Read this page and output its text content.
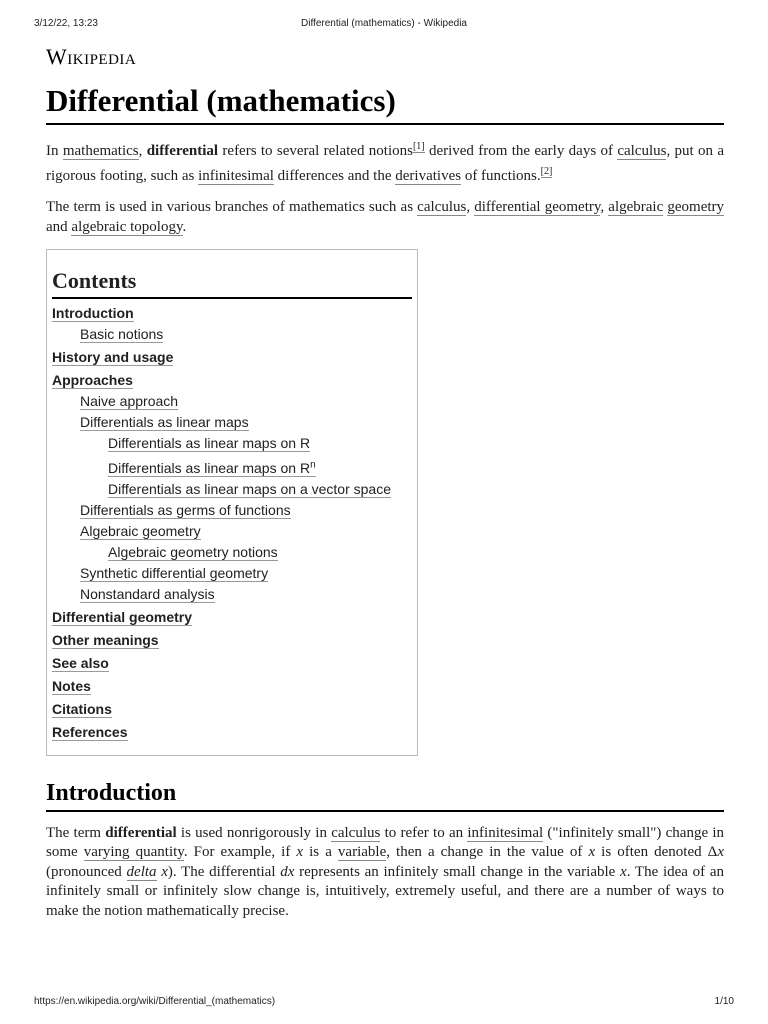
3/12/22, 13:23	Differential (mathematics) - Wikipedia
Wikipedia
Differential (mathematics)

In mathematics, differential refers to several related notions[1] derived from the early days of calculus, put on a rigorous footing, such as infinitesimal differences and the derivatives of functions.[2]

The term is used in various branches of mathematics such as calculus, differential geometry, algebraic geometry and algebraic topology.

Contents
Introduction
Basic notions
History and usage
Approaches
Naive approach
Differentials as linear maps
Differentials as linear maps on R
Differentials as linear maps on $R^n$
Differentials as linear maps on a vector space
Differentials as germs of functions
Algebraic geometry
Algebraic geometry notions
Synthetic differential geometry
Nonstandard analysis
Differential geometry
Other meanings
See also
Notes
Citations
References
Introduction

The term differential is used nonrigorously in calculus to refer to an infinitesimal ("infinitely small") change in some varying quantity. For example, if x is a variable, then a change in the value of x is often denoted Δx (pronounced delta x). The differential dx represents an infinitely small change in the variable x. The idea of an infinitely small or infinitely slow change is, intuitively, extremely useful, and there are a number of ways to make the notion mathematically precise.

https://en.wikipedia.org/wiki/Differential_(mathematics)	1/10
